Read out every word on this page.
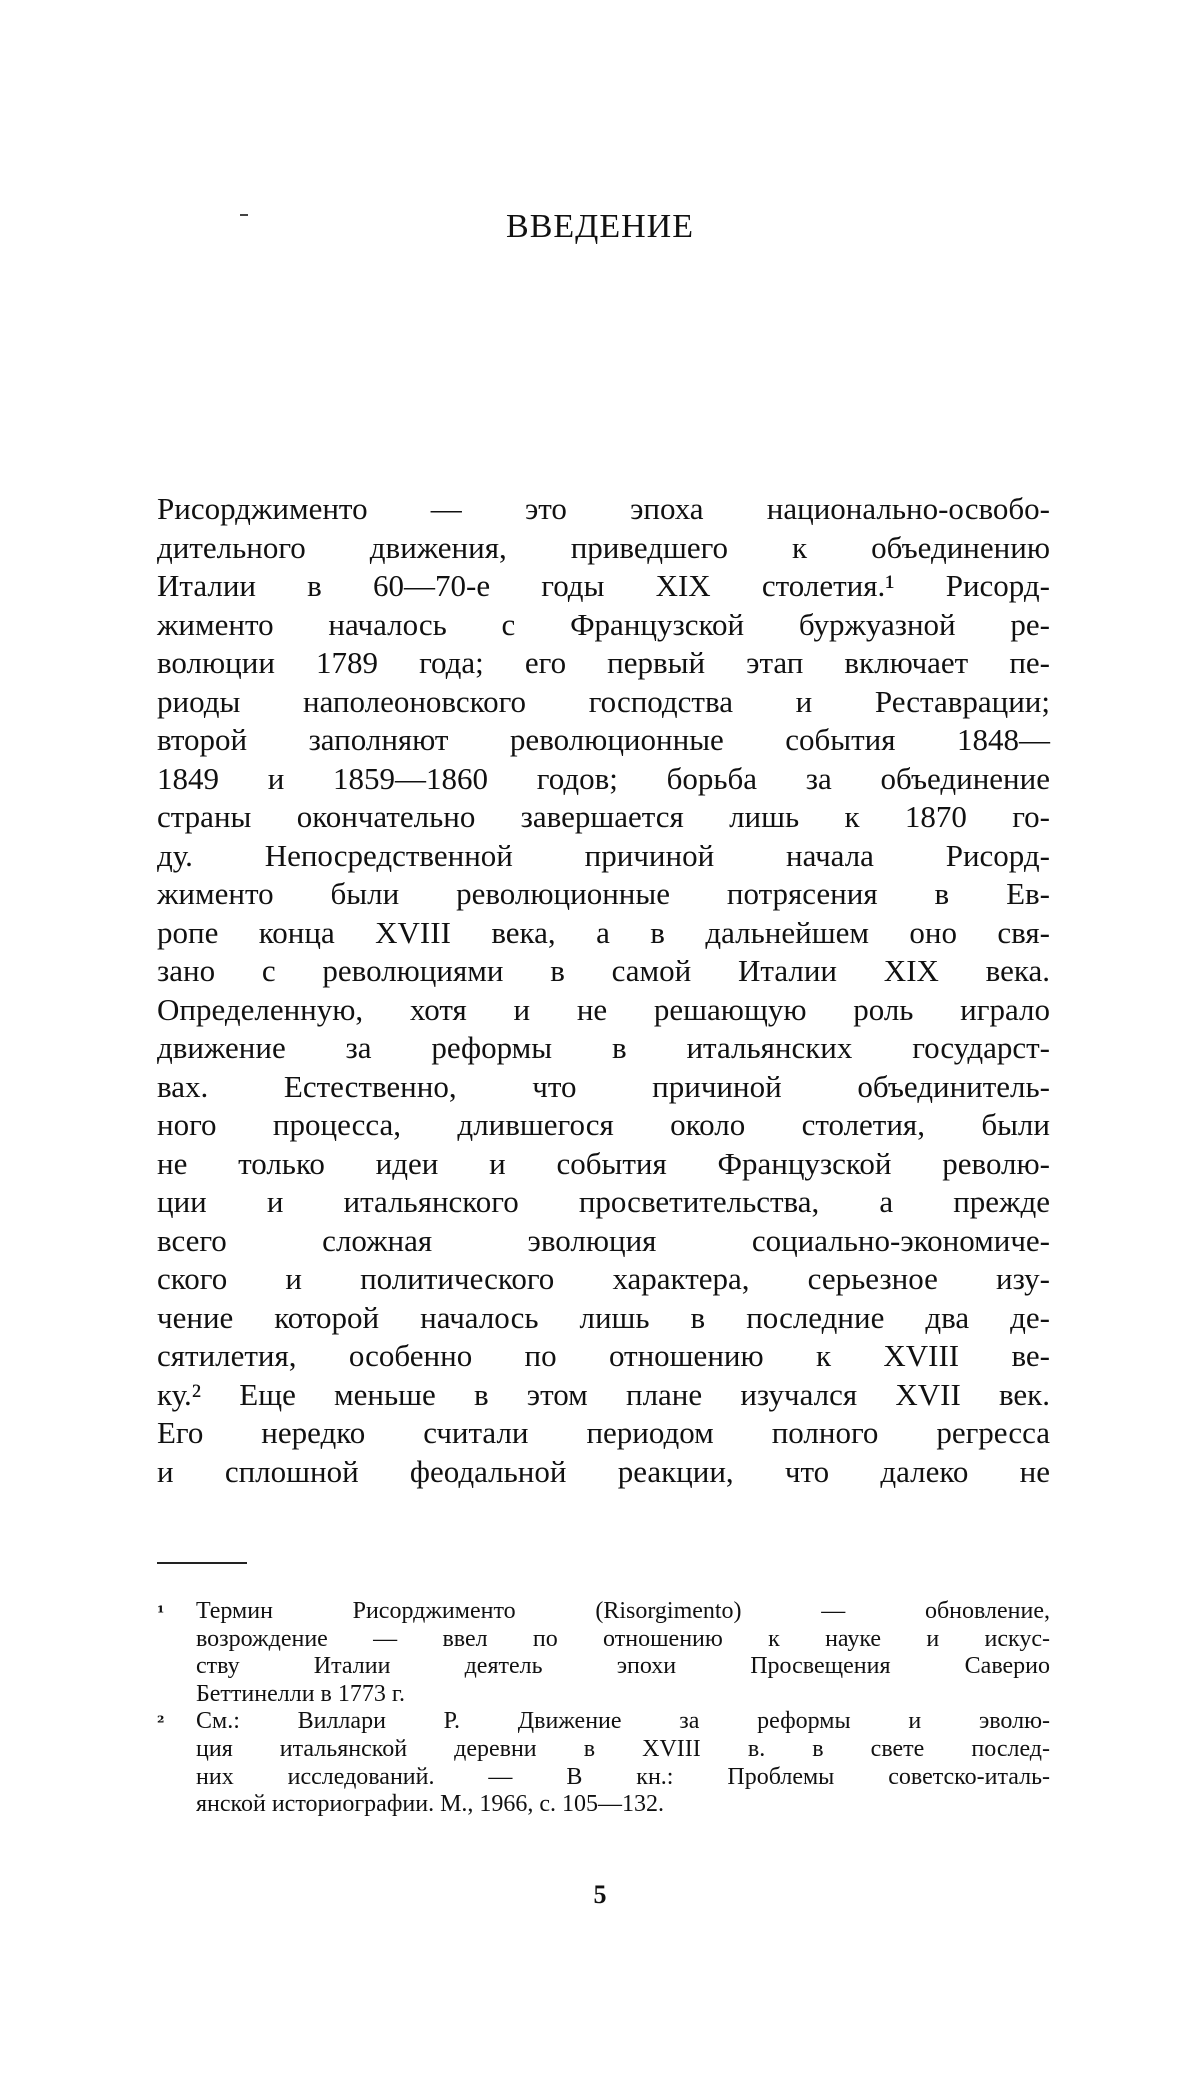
ВВЕДЕНИЕ
Рисорджименто — это эпоха национально-освобо-
дительного движения, приведшего к объединению
Италии в 60—70-е годы XIX столетия.¹ Рисорд-
жименто началось с Французской буржуазной ре-
волюции 1789 года; его первый этап включает пе-
риоды наполеоновского господства и Реставрации;
второй заполняют революционные события 1848—
1849 и 1859—1860 годов; борьба за объединение
страны окончательно завершается лишь к 1870 го-
ду. Непосредственной причиной начала Рисорд-
жименто были революционные потрясения в Ев-
ропе конца XVIII века, а в дальнейшем оно свя-
зано с революциями в самой Италии XIX века.
Определенную, хотя и не решающую роль играло
движение за реформы в итальянских государст-
вах. Естественно, что причиной объединитель-
ного процесса, длившегося около столетия, были
не только идеи и события Французской револю-
ции и итальянского просветительства, а прежде
всего сложная эволюция социально-экономиче-
ского и политического характера, серьезное изу-
чение которой началось лишь в последние два де-
сятилетия, особенно по отношению к XVIII ве-
ку.² Еще меньше в этом плане изучался XVII век.
Его нередко считали периодом полного регресса
и сплошной феодальной реакции, что далеко не
¹	Термин Рисорджименто (Risorgimento) — обновление,
возрождение — ввел по отношению к науке и искус-
ству Италии деятель эпохи Просвещения Саверио
Беттинелли в 1773 г.
²	См.: Виллари Р. Движение за реформы и эволю-
ция итальянской деревни в XVIII в. в свете послед-
них исследований. — В кн.: Проблемы советско-италь-
янской историографии. М., 1966, с. 105—132.
5
